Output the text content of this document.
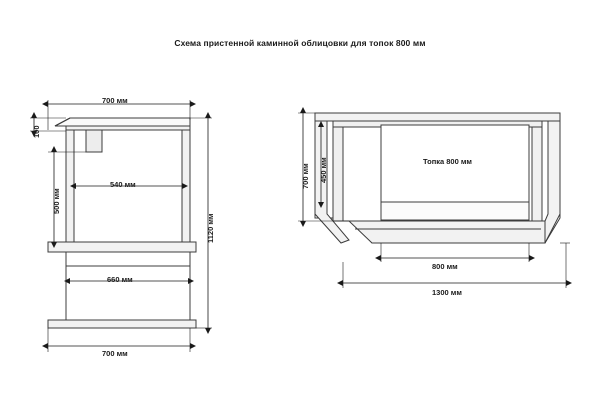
Схема пристенной каминной облицовки для топок 800 мм
700 мм
100
500 мм
540 мм
1120 мм
660 мм
700 мм
Топка 800 мм
450 мм
700 мм
800 мм
1300 мм
